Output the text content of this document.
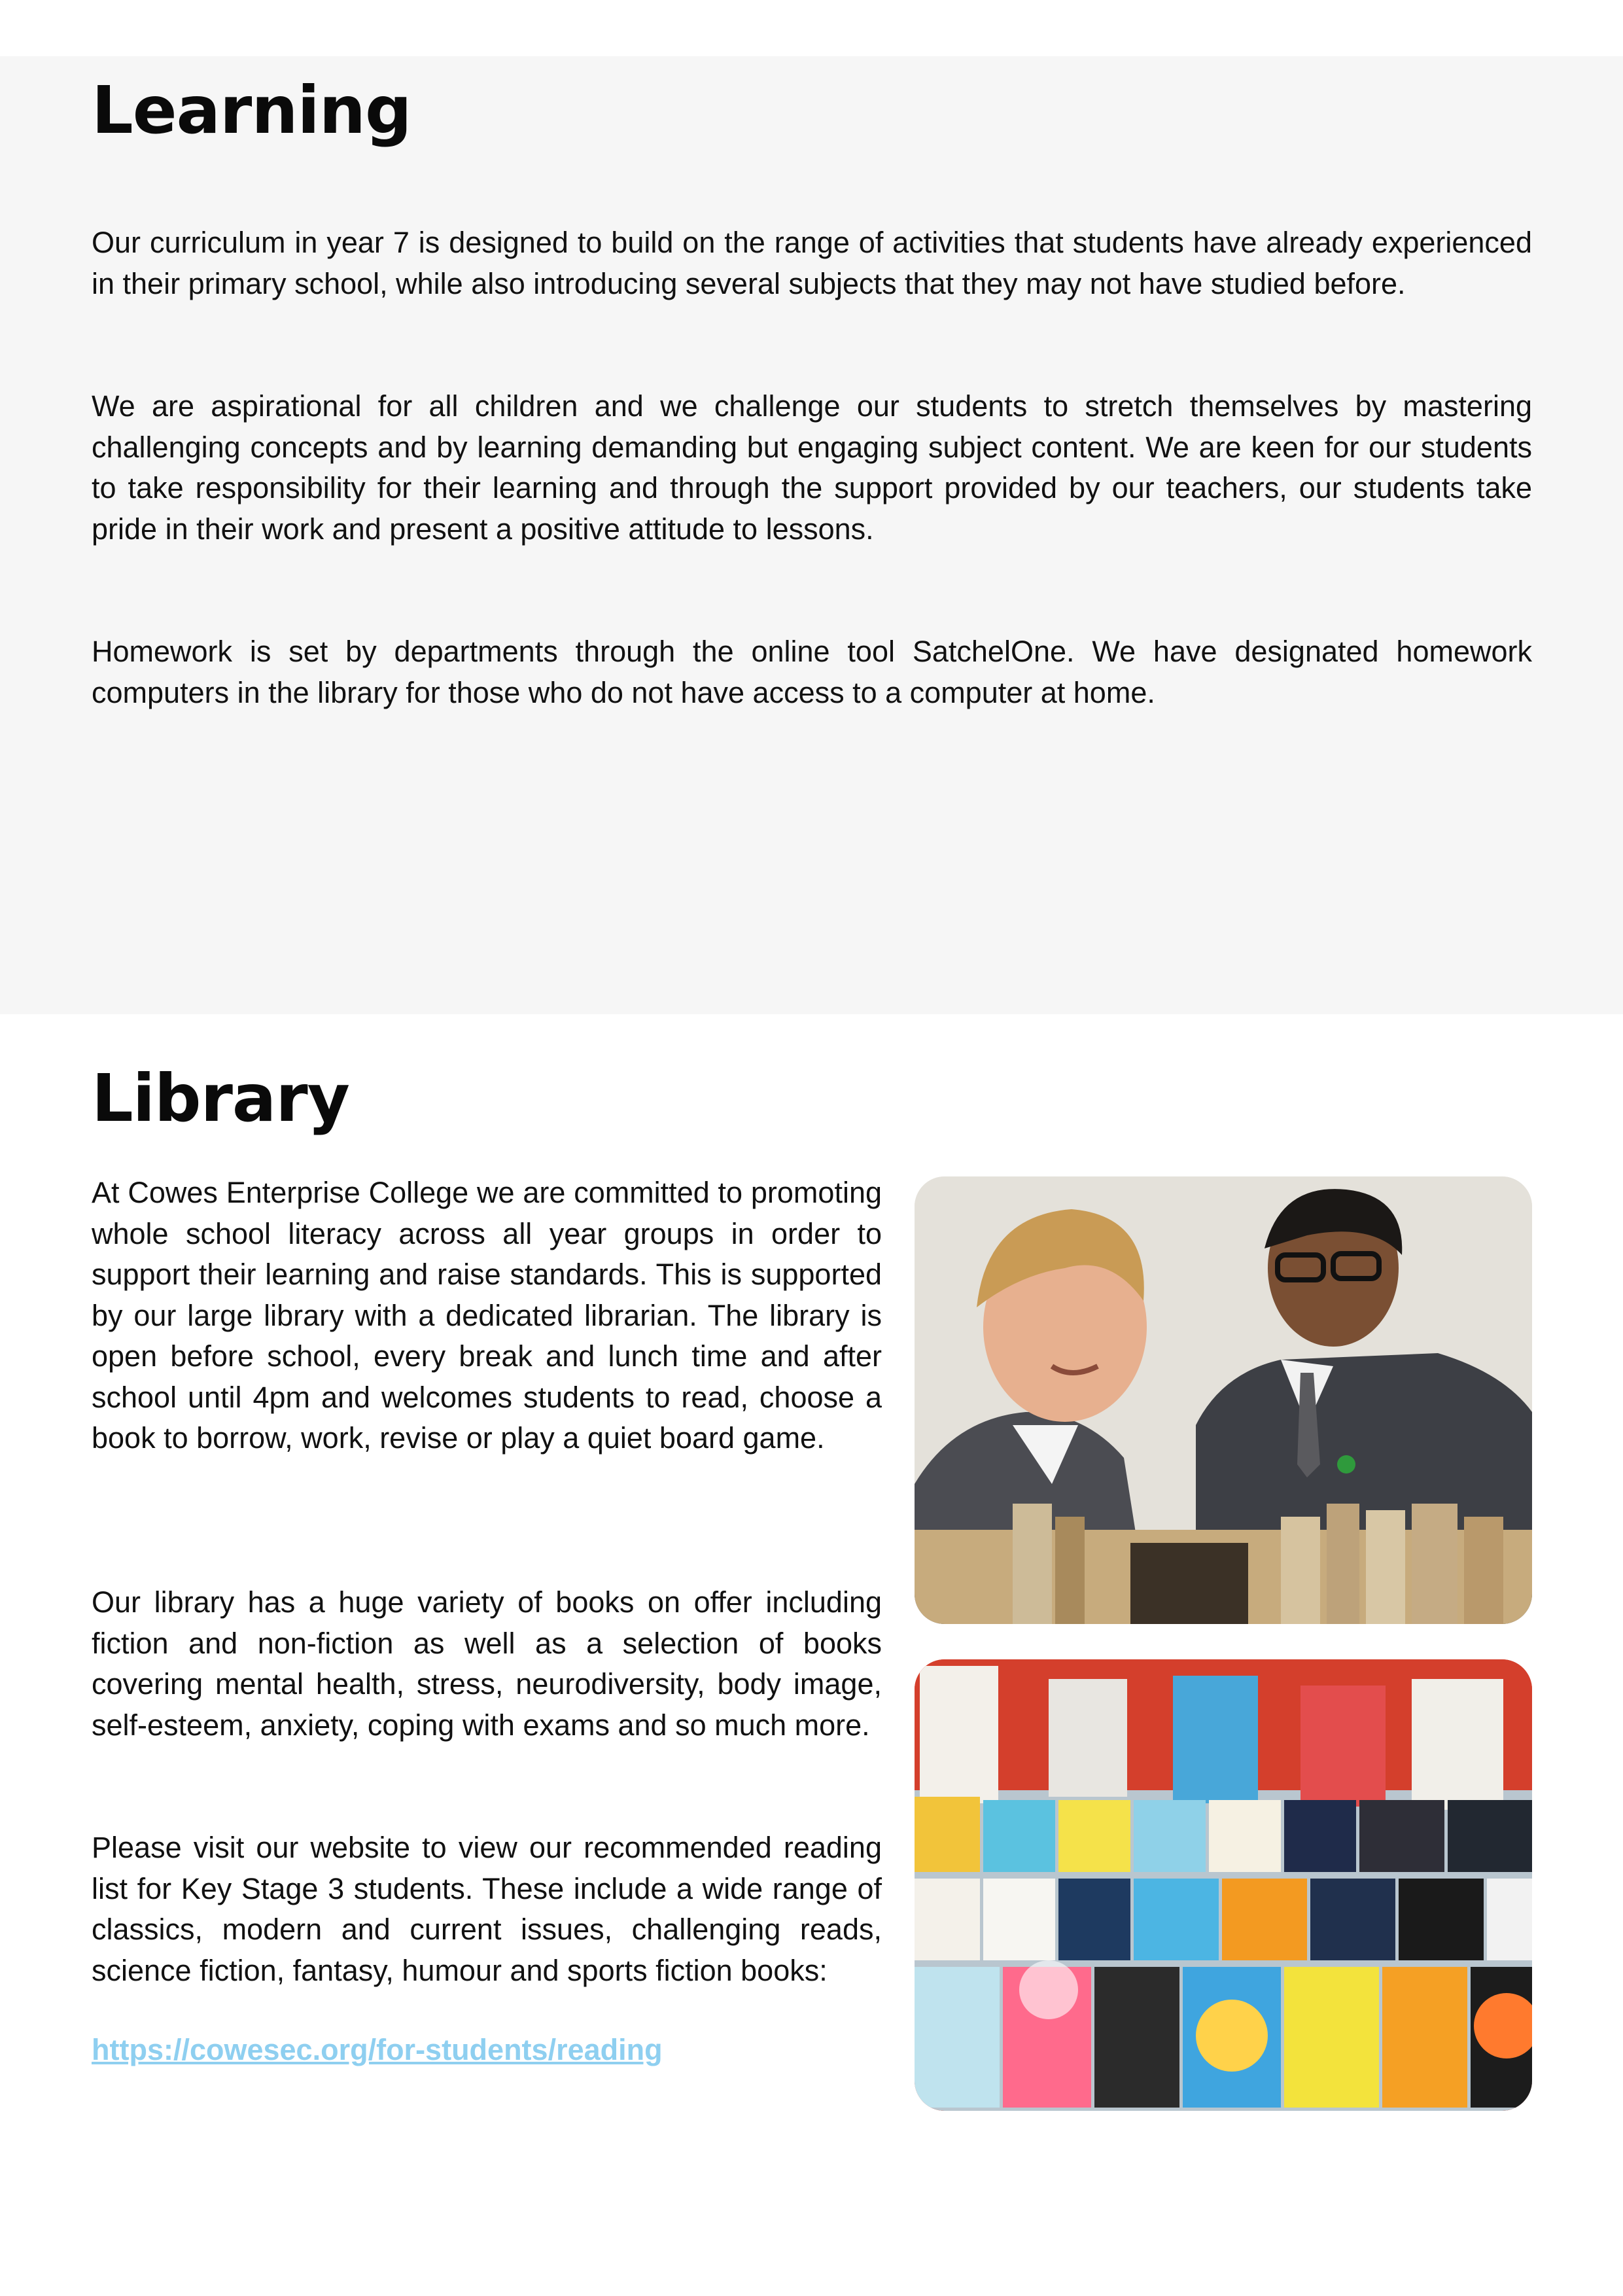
Learning

Our curriculum in year 7 is designed to build on the range of activities that students have already experienced in their primary school, while also introducing several subjects that they may not have studied before.

We are aspirational for all children and we challenge our students to stretch themselves by mastering challenging concepts and by learning demanding but engaging subject content. We are keen for our students to take responsibility for their learning and through the support provided by our teachers, our students take pride in their work and present a positive attitude to lessons.

Homework is set by departments through the online tool SatchelOne. We have designated homework computers in the library for those who do not have access to a computer at home.

Library

At Cowes Enterprise College we are committed to promoting whole school literacy across all year groups in order to support their learning and raise standards. This is supported by our large library with a dedicated librarian. The library is open before school, every break and lunch time and after school until 4pm and welcomes students to read, choose a book to borrow, work, revise or play a quiet board game.

Our library has a huge variety of books on offer including fiction and non-fiction as well as a selection of books covering mental health, stress, neurodiversity, body image, self-esteem, anxiety, coping with exams and so much more.

Please visit our website to view our recommended reading list for Key Stage 3 students. These include a wide range of classics, modern and current issues, challenging reads, science fiction, fantasy, humour and sports fiction books:

https://cowesec.org/for-students/reading
